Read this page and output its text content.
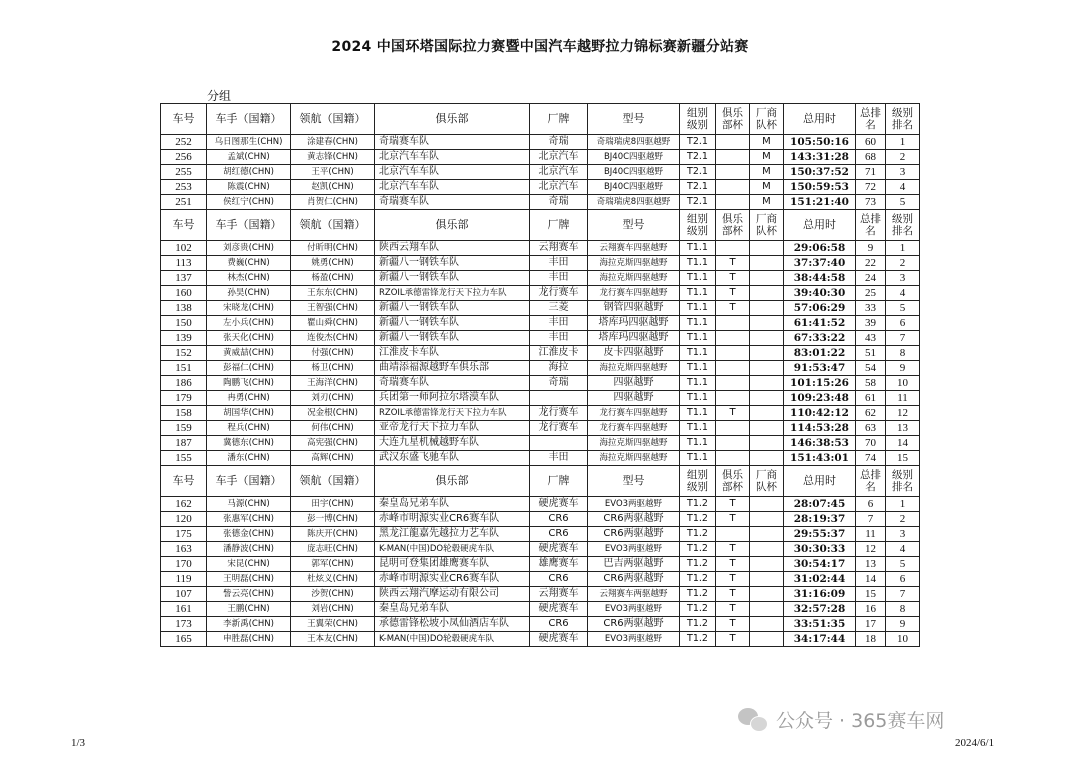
2024 中国环塔国际拉力赛暨中国汽车越野拉力锦标赛新疆分站赛
分组
车号	车手（国籍）	领航（国籍）	俱乐部	厂牌	型号	组别级别	俱乐部杯	厂商队杯	总用时	总排名	级别排名
252	乌日图那生(CHN)	涂建春(CHN)	奇瑞赛车队	奇瑞	奇瑞瑞虎8四驱越野	T2.1		M	105:50:16	60	1
256	孟斌(CHN)	黄志锋(CHN)	北京汽车车队	北京汽车	BJ40C四驱越野	T2.1		M	143:31:28	68	2
255	胡红德(CHN)	王平(CHN)	北京汽车车队	北京汽车	BJ40C四驱越野	T2.1		M	150:37:52	71	3
253	陈震(CHN)	赵凯(CHN)	北京汽车车队	北京汽车	BJ40C四驱越野	T2.1		M	150:59:53	72	4
251	侯红宁(CHN)	肖贺仁(CHN)	奇瑞赛车队	奇瑞	奇瑞瑞虎8四驱越野	T2.1		M	151:21:40	73	5
车号	车手（国籍）	领航（国籍）	俱乐部	厂牌	型号	组别级别	俱乐部杯	厂商队杯	总用时	总排名	级别排名
102	刘彦贵(CHN)	付昕明(CHN)	陕西云翔车队	云翔赛车	云翔赛车四驱越野	T1.1			29:06:58	9	1
113	费巍(CHN)	姚勇(CHN)	新疆八一钢铁车队	丰田	海拉克斯四驱越野	T1.1	T		37:37:40	22	2
137	林杰(CHN)	杨盈(CHN)	新疆八一钢铁车队	丰田	海拉克斯四驱越野	T1.1	T		38:44:58	24	3
160	孙昊(CHN)	王东东(CHN)	RZOIL承德雷锋龙行天下拉力车队	龙行赛车	龙行赛车四驱越野	T1.1	T		39:40:30	25	4
138	宋晓龙(CHN)	王智强(CHN)	新疆八一钢铁车队	三菱	钢管四驱越野	T1.1	T		57:06:29	33	5
150	左小兵(CHN)	瞿山舜(CHN)	新疆八一钢铁车队	丰田	塔库玛四驱越野	T1.1			61:41:52	39	6
139	张天化(CHN)	连俊杰(CHN)	新疆八一钢铁车队	丰田	塔库玛四驱越野	T1.1			67:33:22	43	7
152	黄威喆(CHN)	付强(CHN)	江淮皮卡车队	江淮皮卡	皮卡四驱越野	T1.1			83:01:22	51	8
151	彭福仁(CHN)	杨卫(CHN)	曲靖添福源越野车俱乐部	海拉	海拉克斯四驱越野	T1.1			91:53:47	54	9
186	陶鹏飞(CHN)	王海洋(CHN)	奇瑞赛车队	奇瑞	四驱越野	T1.1			101:15:26	58	10
179	冉勇(CHN)	刘刃(CHN)	兵团第一师阿拉尔塔漠车队		四驱越野	T1.1			109:23:48	61	11
158	胡国华(CHN)	况金根(CHN)	RZOIL承德雷锋龙行天下拉力车队	龙行赛车	龙行赛车四驱越野	T1.1	T		110:42:12	62	12
159	程兵(CHN)	何伟(CHN)	亚帝龙行天下拉力车队	龙行赛车	龙行赛车四驱越野	T1.1			114:53:28	63	13
187	冀德东(CHN)	高宪强(CHN)	大连九星机械越野车队		海拉克斯四驱越野	T1.1			146:38:53	70	14
155	潘东(CHN)	高辉(CHN)	武汉东盛飞驰车队	丰田	海拉克斯四驱越野	T1.1			151:43:01	74	15
车号	车手（国籍）	领航（国籍）	俱乐部	厂牌	型号	组别级别	俱乐部杯	厂商队杯	总用时	总排名	级别排名
162	马源(CHN)	田宇(CHN)	秦皇岛兄弟车队	硬虎赛车	EVO3两驱越野	T1.2	T		28:07:45	6	1
120	张惠军(CHN)	彭一博(CHN)	赤峰市明源实业CR6赛车队	CR6	CR6两驱越野	T1.2	T		28:19:37	7	2
175	张德金(CHN)	陈庆开(CHN)	黑龙江龍嘉先越拉力艺车队	CR6	CR6两驱越野	T1.2			29:55:37	11	3
163	潘静波(CHN)	庞志旺(CHN)	K-MAN(中国)DO轮毂硬虎车队	硬虎赛车	EVO3两驱越野	T1.2	T		30:30:33	12	4
170	宋昆(CHN)	郭军(CHN)	昆明可登集团雄鹰赛车队	雄鹰赛车	巴吉两驱越野	T1.2	T		30:54:17	13	5
119	王明磊(CHN)	杜炫义(CHN)	赤峰市明源实业CR6赛车队	CR6	CR6两驱越野	T1.2	T		31:02:44	14	6
107	訾云亮(CHN)	沙贺(CHN)	陕西云翔汽摩运动有限公司	云翔赛车	云翔赛车两驱越野	T1.2	T		31:16:09	15	7
161	王鹏(CHN)	刘岩(CHN)	秦皇岛兄弟车队	硬虎赛车	EVO3两驱越野	T1.2	T		32:57:28	16	8
173	李新禹(CHN)	王翼荣(CHN)	承德雷锋松坡小凤仙酒店车队	CR6	CR6两驱越野	T1.2	T		33:51:35	17	9
165	申胜磊(CHN)	王本友(CHN)	K-MAN(中国)DO轮毂硬虎车队	硬虎赛车	EVO3两驱越野	T1.2	T		34:17:44	18	10
1/3	2024/6/1
公众号 · 365赛车网
